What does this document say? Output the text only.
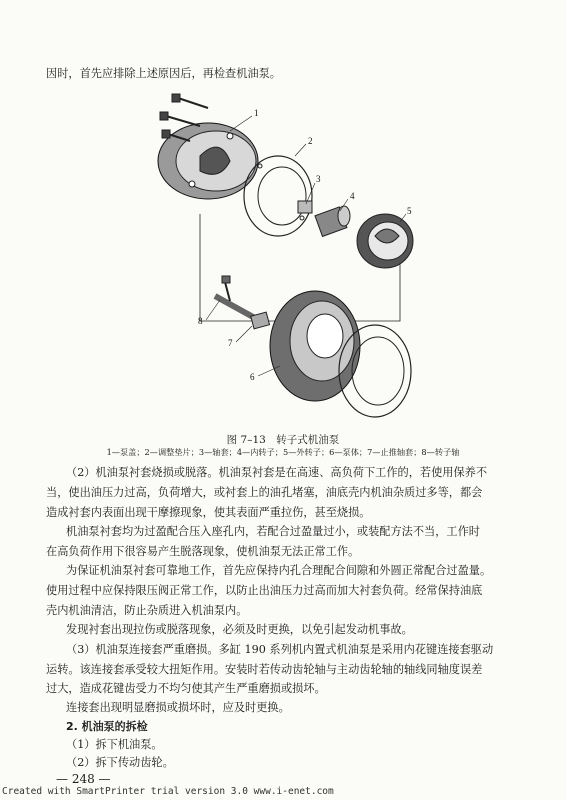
因时，首先应排除上述原因后，再检查机油泵。
1
2
3
4
5
6
7
8
图 7–13　转子式机油泵
1—泵盖；2—调整垫片；3—轴套；4—内转子；5—外转子；6—泵体；7—止推轴套；8—转子轴
（2）机油泵衬套烧损或脱落。机油泵衬套是在高速、高负荷下工作的，若使用保养不
当，使出油压力过高，负荷增大，或衬套上的油孔堵塞，油底壳内机油杂质过多等，都会
造成衬套内表面出现干摩擦现象，使其表面严重拉伤，甚至烧损。
机油泵衬套均为过盈配合压入座孔内，若配合过盈量过小，或装配方法不当，工作时
在高负荷作用下很容易产生脱落现象，使机油泵无法正常工作。
为保证机油泵衬套可靠地工作，首先应保持内孔合理配合间隙和外圆正常配合过盈量。
使用过程中应保持限压阀正常工作，以防止出油压力过高而加大衬套负荷。经常保持油底
壳内机油清洁，防止杂质进入机油泵内。
发现衬套出现拉伤或脱落现象，必须及时更换，以免引起发动机事故。
（3）机油泵连接套严重磨损。多缸 190 系列机内置式机油泵是采用内花键连接套驱动
运转。该连接套承受较大扭矩作用。安装时若传动齿轮轴与主动齿轮轴的轴线同轴度误差
过大，造成花键齿受力不均匀使其产生严重磨损或损坏。
连接套出现明显磨损或损坏时，应及时更换。
2. 机油泵的拆检
（1）拆下机油泵。
（2）拆下传动齿轮。
— 248 —
Created with SmartPrinter trial version 3.0 www.i-enet.com
